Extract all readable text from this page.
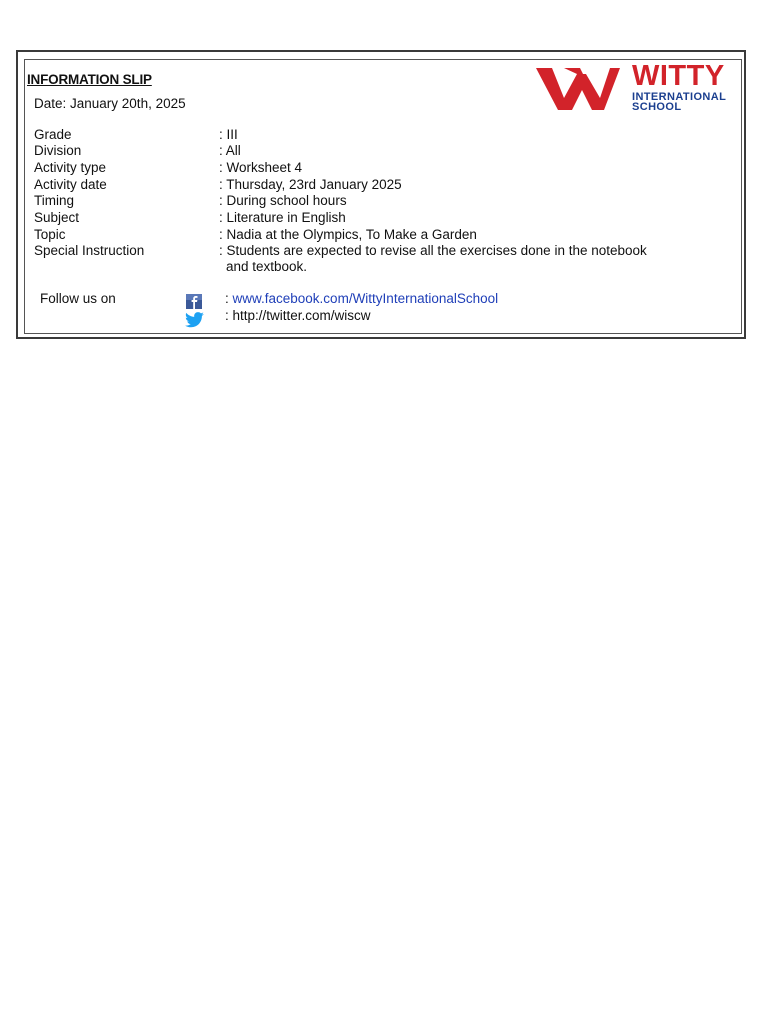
INFORMATION SLIP
Date: January 20th, 2025
WITTY
INTERNATIONAL
SCHOOL
Grade	: III
Division	: All
Activity type	: Worksheet 4
Activity date	: Thursday, 23rd January 2025
Timing	: During school hours
Subject	: Literature in English
Topic	: Nadia at the Olympics, To Make a Garden
Special Instruction	: Students are expected to revise all the exercises done in the notebook
and textbook.
Follow us on	: www.facebook.com/WittyInternationalSchool
: http://twitter.com/wiscw
